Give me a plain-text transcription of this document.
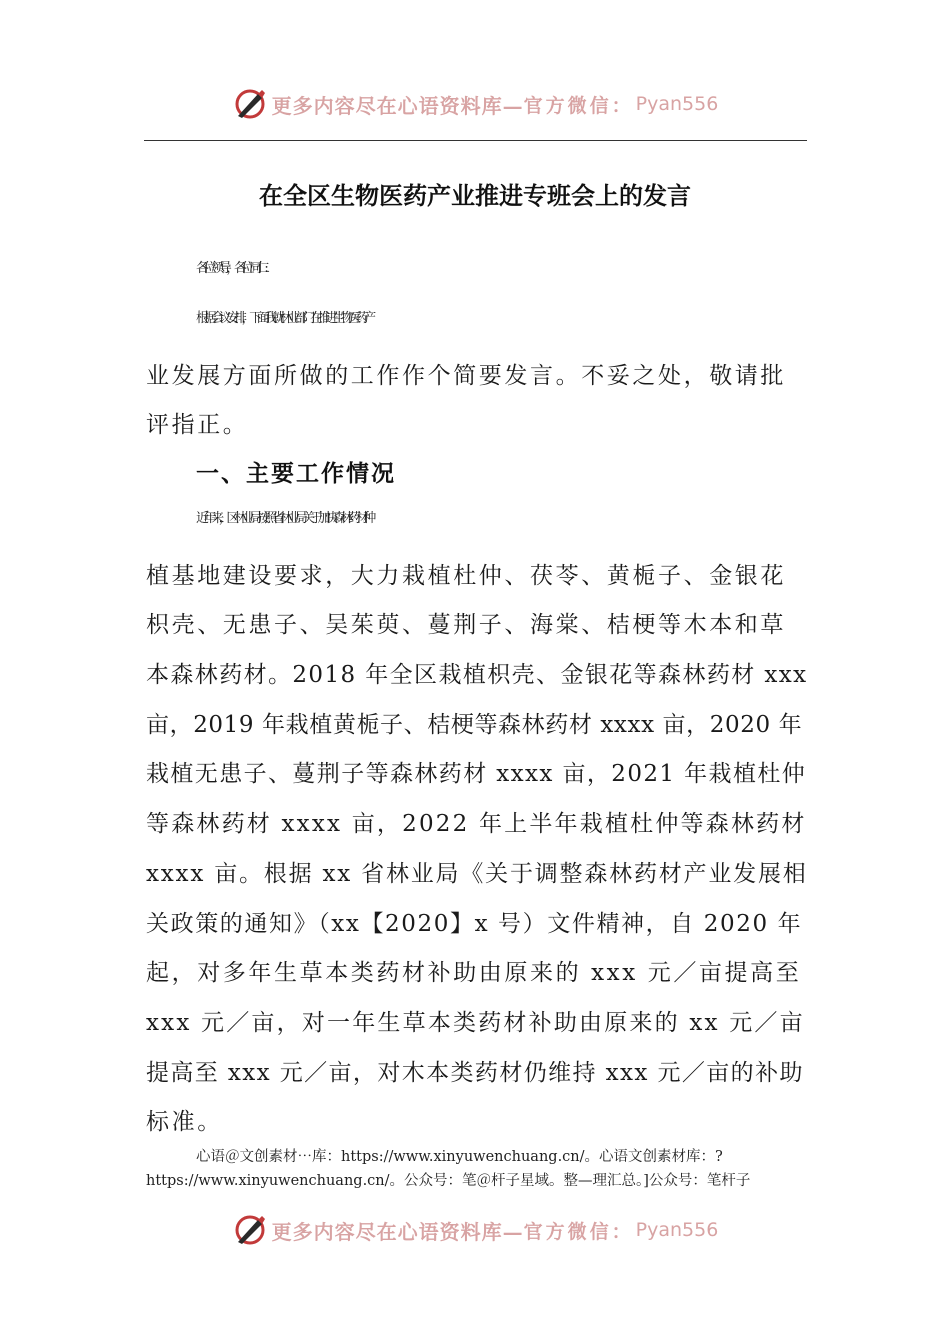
更多内容尽在心语资料库— 官方微信： Pyan556
在全区生物医药产业推进专班会上的发言
各位领导，各位同仁:
根据会议安排，下面我就林业部门在推进生物医药产
业发展方面所做的工作作个简要发言。不妥之处，敬请批
评指正。
一、主要工作情况
近年来，区林业局按照省林业局关于加快森林药材种
植基地建设要求，大力栽植杜仲、茯苓、黄栀子、金银花
枳壳、无患子、吴茱萸、蔓荆子、海棠、桔梗等木本和草
本森林药材。2018 年全区栽植枳壳、金银花等森林药材 xxx
亩，2019 年栽植黄栀子、桔梗等森林药材 xxxx 亩，2020 年
栽植无患子、蔓荆子等森林药材 xxxx 亩，2021 年栽植杜仲
等森林药材 xxxx 亩，2022 年上半年栽植杜仲等森林药材
xxxx 亩。根据 xx 省林业局《关于调整森林药材产业发展相
关政策的通知》（xx【2020】x 号）文件精神，自 2020 年
起，对多年生草本类药材补助由原来的 xxx 元／亩提高至
xxx 元／亩，对一年生草本类药材补助由原来的 xx 元／亩
提高至 xxx 元／亩，对木本类药材仍维持 xxx 元／亩的补助
标准。
心语＠文创素材⋯库：https://www.xinyuwenchuang.cn/。心语文创素材库：?
https://www.xinyuwenchuang.cn/。公众号：笔＠杆子星域。整—理汇总。]公众号：笔杆子
更多内容尽在心语资料库— 官方微信： Pyan556
